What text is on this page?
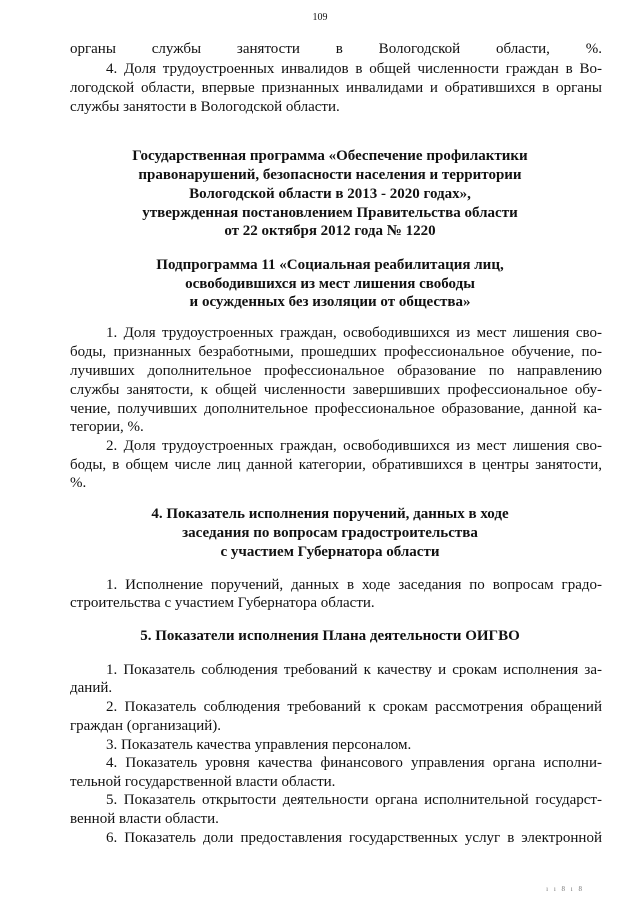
109
органы службы занятости в Вологодской области, %.
4. Доля трудоустроенных инвалидов в общей численности граждан в Во-
логодской области, впервые признанных инвалидами и обратившихся в органы
службы занятости в Вологодской области.
Государственная программа «Обеспечение профилактики
правонарушений, безопасности населения и территории
Вологодской области в 2013 - 2020 годах»,
утвержденная постановлением Правительства области
от 22 октября 2012 года № 1220
Подпрограмма 11 «Социальная реабилитация лиц,
освободившихся из мест лишения свободы
и осужденных без изоляции от общества»
1. Доля трудоустроенных граждан, освободившихся из мест лишения сво-
боды, признанных безработными, прошедших профессиональное обучение, по-
лучивших дополнительное профессиональное образование по направлению
службы занятости, к общей численности завершивших профессиональное обу-
чение, получивших дополнительное профессиональное образование, данной ка-
тегории, %.
2. Доля трудоустроенных граждан, освободившихся из мест лишения сво-
боды, в общем числе лиц данной категории, обратившихся в центры занятости,
%.
4. Показатель исполнения поручений, данных в ходе
заседания по вопросам градостроительства
с участием Губернатора области
1. Исполнение поручений, данных в ходе заседания по вопросам градо-
строительства с участием Губернатора области.
5. Показатели исполнения Плана деятельности ОИГВО
1. Показатель соблюдения требований к качеству и срокам исполнения за-
даний.
2. Показатель соблюдения требований к срокам рассмотрения обращений
граждан (организаций).
3. Показатель качества управления персоналом.
4. Показатель уровня качества финансового управления органа исполни-
тельной государственной власти области.
5. Показатель открытости деятельности органа исполнительной государст-
венной власти области.
6. Показатель доли предоставления государственных услуг в электронной
ı ı 8 ı 8
